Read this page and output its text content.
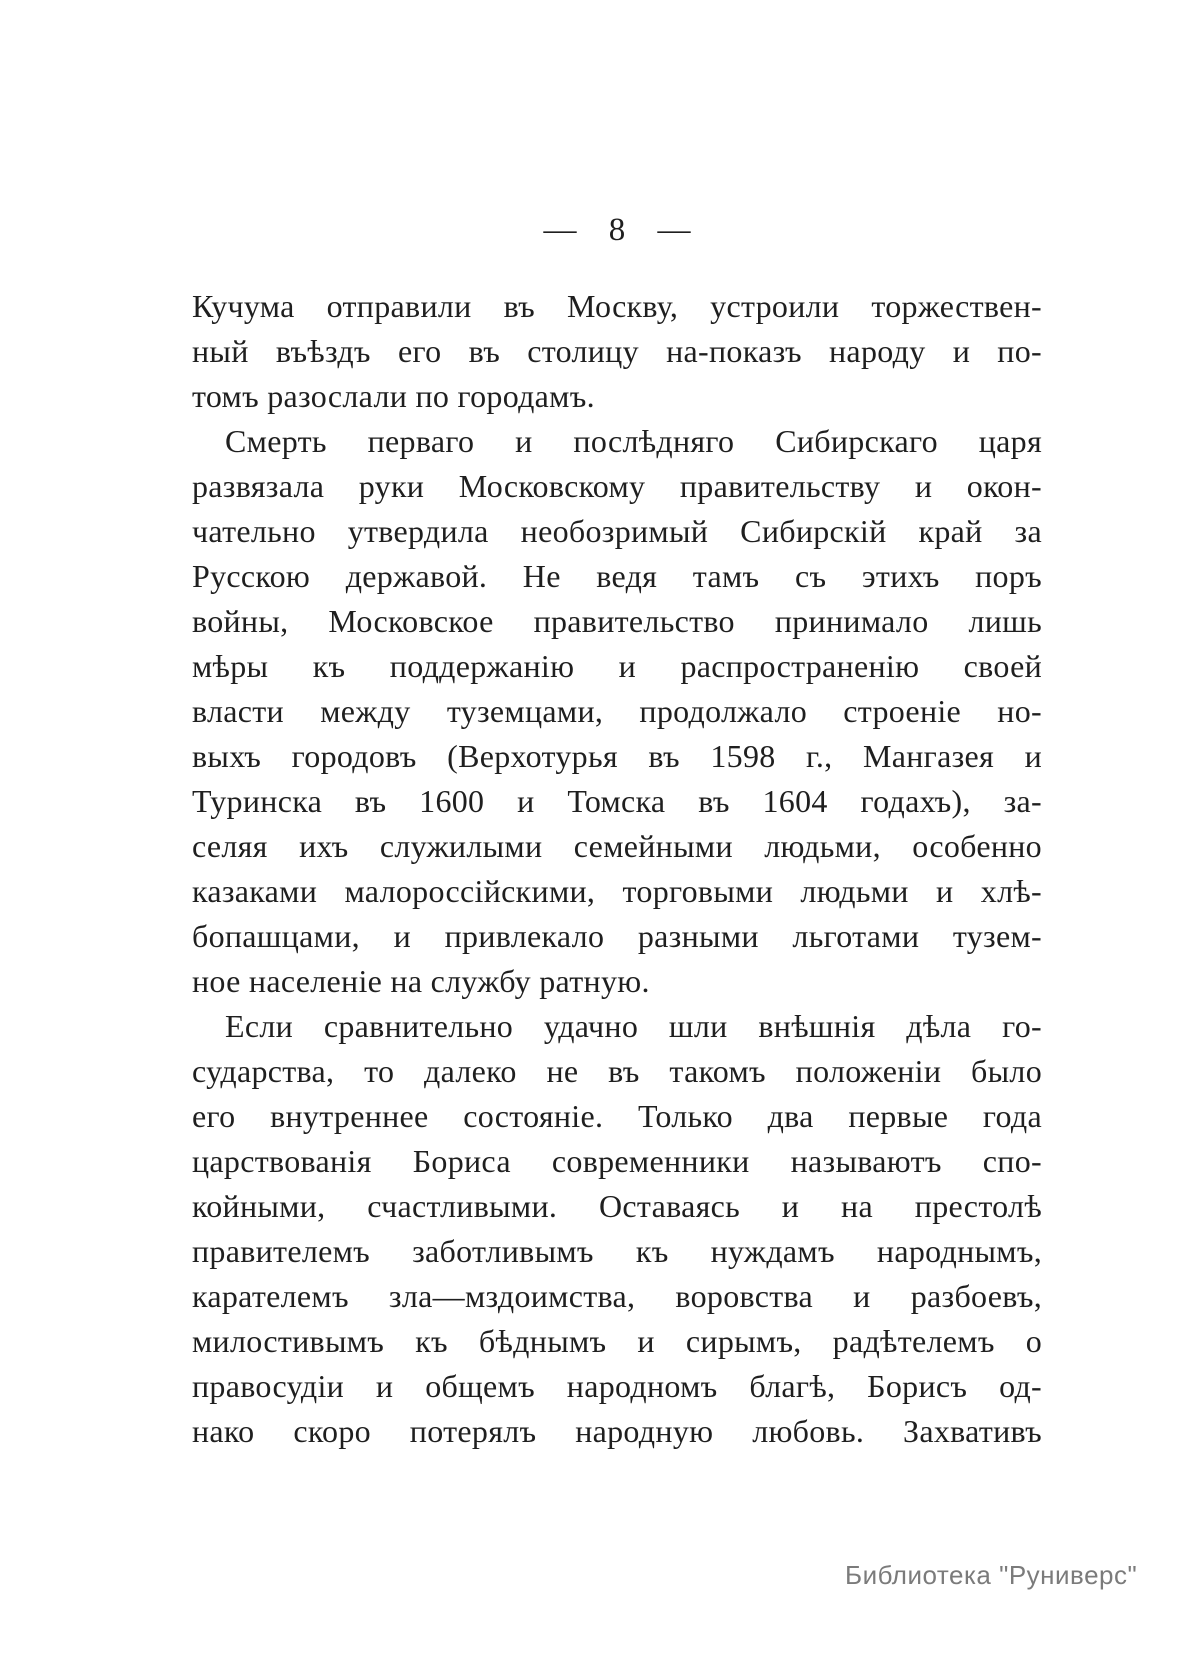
— 8 —
Кучума отправили въ Москву, устроили торжествен-
ный въѣздъ его въ столицу на-показъ народу и по-
томъ разослали по городамъ.
Смерть перваго и послѣдняго Сибирскаго царя
развязала руки Московскому правительству и окон-
чательно утвердила необозримый Сибирскій край за
Русскою державой. Не ведя тамъ съ этихъ поръ
войны, Московское правительство принимало лишь
мѣры къ поддержанію и распространенію своей
власти между туземцами, продолжало строеніе но-
выхъ городовъ (Верхотурья въ 1598 г., Мангазея и
Туринска въ 1600 и Томска въ 1604 годахъ), за-
селяя ихъ служилыми семейными людьми, особенно
казаками малороссійскими, торговыми людьми и хлѣ-
бопашцами, и привлекало разными льготами тузем-
ное населеніе на службу ратную.
Если сравнительно удачно шли внѣшнія дѣла го-
сударства, то далеко не въ такомъ положеніи было
его внутреннее состояніе. Только два первые года
царствованія Бориса современники называютъ спо-
койными, счастливыми. Оставаясь и на престолѣ
правителемъ заботливымъ къ нуждамъ народнымъ,
карателемъ зла—мздоимства, воровства и разбоевъ,
милостивымъ къ бѣднымъ и сирымъ, радѣтелемъ о
правосудіи и общемъ народномъ благѣ, Борисъ од-
нако скоро потерялъ народную любовь. Захвативъ
Библиотека "Руниверс"
